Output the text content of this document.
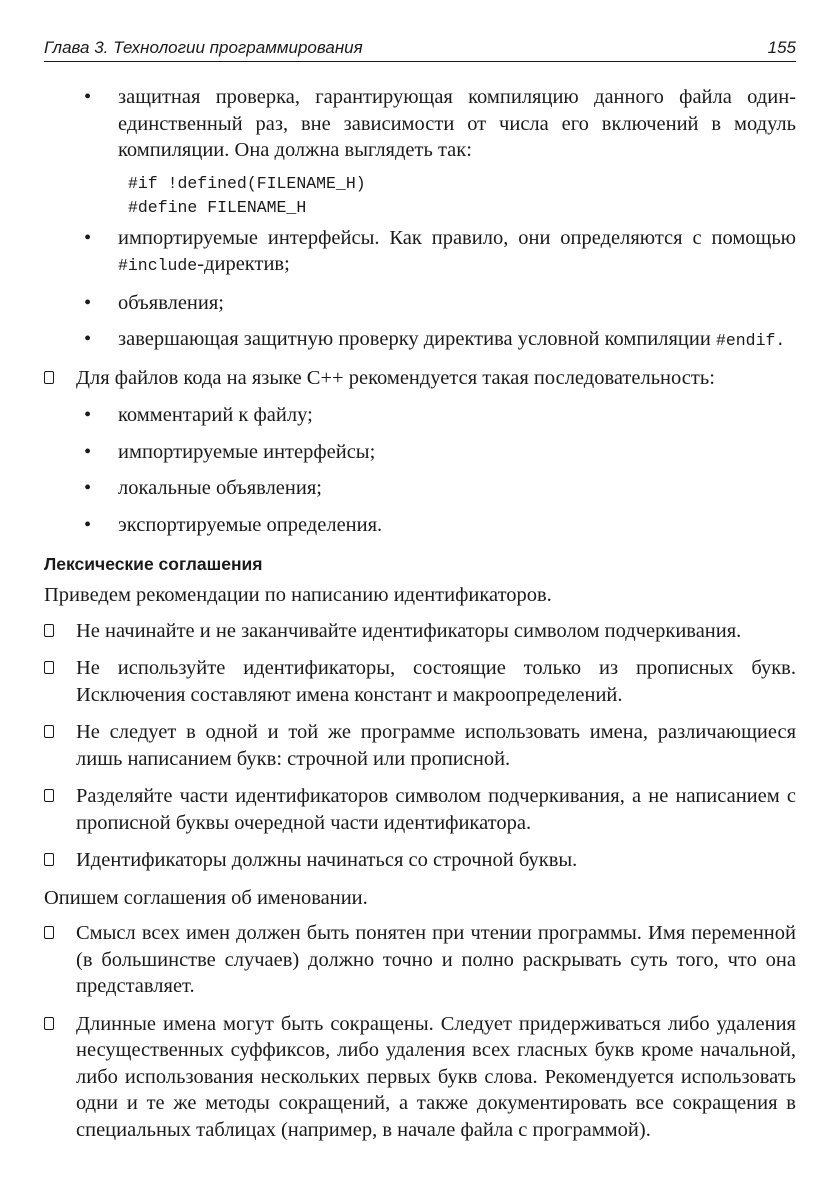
Глава 3. Технологии программирования	155
• защитная проверка, гарантирующая компиляцию данного файла один-единственный раз, вне зависимости от числа его включений в модуль компиляции. Она должна выглядеть так:
#if !defined(FILENAME_H)
#define FILENAME_H
• импортируемые интерфейсы. Как правило, они определяются с помощью #include-директив;
• объявления;
• завершающая защитную проверку директива условной компиляции #endif.
Для файлов кода на языке С++ рекомендуется такая последовательность:
• комментарий к файлу;
• импортируемые интерфейсы;
• локальные объявления;
• экспортируемые определения.
Лексические соглашения
Приведем рекомендации по написанию идентификаторов.
Не начинайте и не заканчивайте идентификаторы символом подчеркивания.
Не используйте идентификаторы, состоящие только из прописных букв. Исключения составляют имена констант и макроопределений.
Не следует в одной и той же программе использовать имена, различающиеся лишь написанием букв: строчной или прописной.
Разделяйте части идентификаторов символом подчеркивания, а не написанием с прописной буквы очередной части идентификатора.
Идентификаторы должны начинаться со строчной буквы.
Опишем соглашения об именовании.
Смысл всех имен должен быть понятен при чтении программы. Имя переменной (в большинстве случаев) должно точно и полно раскрывать суть того, что она представляет.
Длинные имена могут быть сокращены. Следует придерживаться либо удаления несущественных суффиксов, либо удаления всех гласных букв кроме начальной, либо использования нескольких первых букв слова. Рекомендуется использовать одни и те же методы сокращений, а также документировать все сокращения в специальных таблицах (например, в начале файла с программой).
